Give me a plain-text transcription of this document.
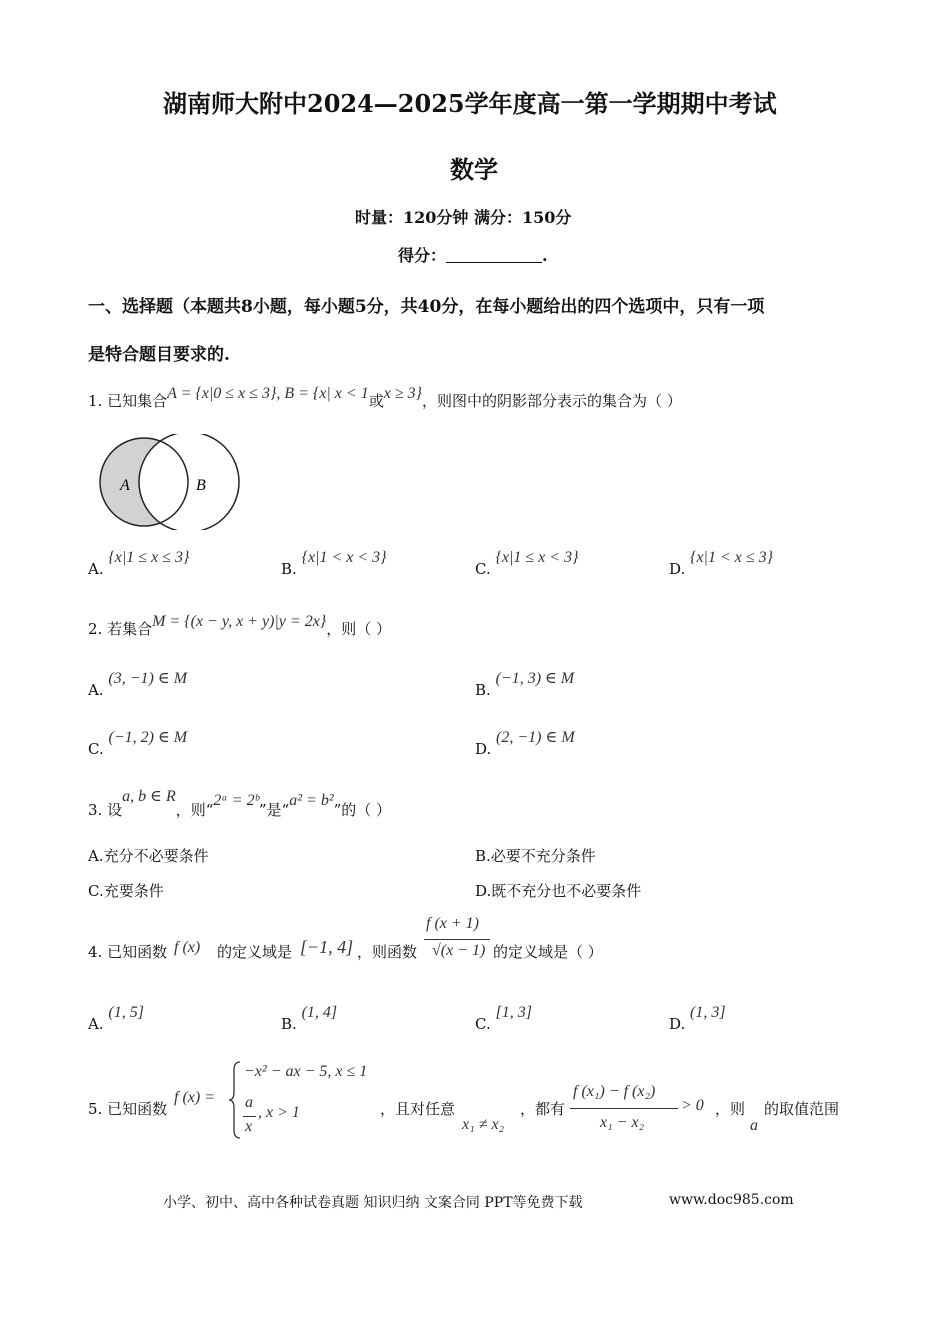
湖南师大附中2024—2025学年度高一第一学期期中考试
数学
时量：120分钟 满分：150分
得分：	.
一、选择题（本题共8小题，每小题5分，共40分，在每小题给出的四个选项中，只有一项
是特合题目要求的.
1. 已知集合A = {x|0 ≤ x ≤ 3}, B = {x| x < 1或x ≥ 3}，则图中的阴影部分表示的集合为（ ）
A	B
A. {x|1 ≤ x ≤ 3}
B. {x|1 < x < 3}
C. {x|1 ≤ x < 3}
D. {x|1 < x ≤ 3}
2. 若集合M = {(x − y, x + y)|y = 2x}，则（ ）
A. (3, −1) ∈ M
B. (−1, 3) ∈ M
C. (−1, 2) ∈ M
D. (2, −1) ∈ M
3. 设a, b ∈ R，则“2ᵃ = 2ᵇ”是“a² = b²”的（ ）
A.充分不必要条件	B.必要不充分条件
C.充要条件	D.既不充分也不必要条件
4. 已知函数 f (x) 的定义域是 [−1, 4] ，则函数
f (x + 1)
√(x − 1) 的定义域是（ ）
A. (1, 5]
B. (1, 4]
C. [1, 3]
D. (1, 3]
5. 已知函数
f (x) =
−x² − ax − 5, x ≤ 1
a
x
, x > 1	，且对任意
x₁ ≠ x₂
，都有
f (x₁) − f (x₂)
x₁ − x₂
> 0 ，则
a
的取值范围
小学、初中、高中各种试卷真题 知识归纳 文案合同 PPT等免费下载	www.doc985.com
